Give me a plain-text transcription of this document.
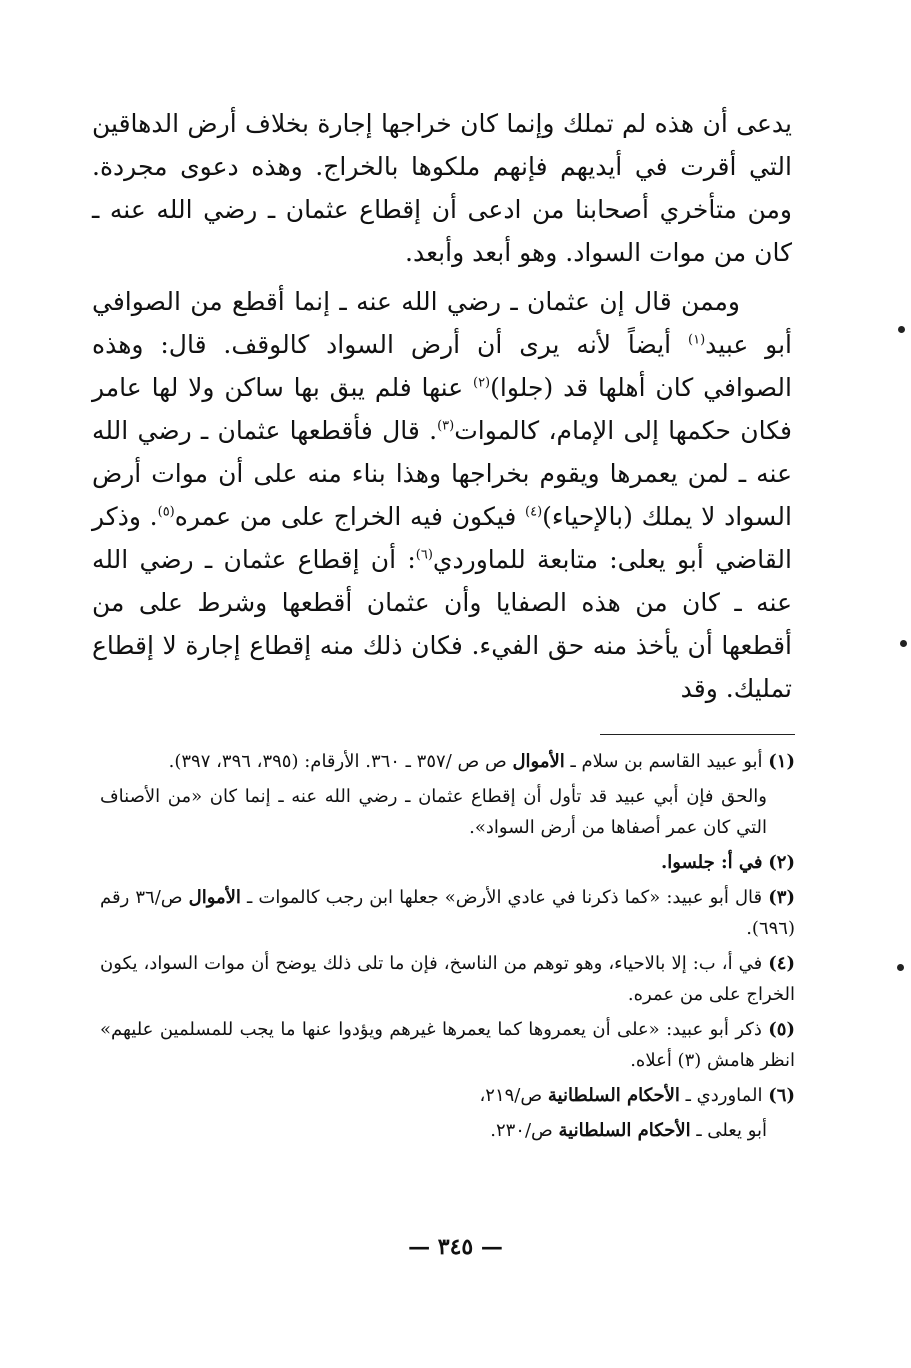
يدعى أن هذه لم تملك وإنما كان خراجها إجارة بخلاف أرض الدهاقين التي أقرت في أيديهم فإنهم ملكوها بالخراج. وهذه دعوى مجردة. ومن متأخري أصحابنا من ادعى أن إقطاع عثمان ـ رضي الله عنه ـ كان من موات السواد. وهو أبعد وأبعد.

وممن قال إن عثمان ـ رضي الله عنه ـ إنما أقطع من الصوافي أبو عبيد$^{(١)}$ أيضاً لأنه يرى أن أرض السواد كالوقف. قال: وهذه الصوافي كان أهلها قد (جلوا)$^{(٢)}$ عنها فلم يبق بها ساكن ولا لها عامر فكان حكمها إلى الإمام، كالموات$^{(٣)}$. قال فأقطعها عثمان ـ رضي الله عنه ـ لمن يعمرها ويقوم بخراجها وهذا بناء منه على أن موات أرض السواد لا يملك (بالإحياء)$^{(٤)}$ فيكون فيه الخراج على من عمره$^{(٥)}$. وذكر القاضي أبو يعلى: متابعة للماوردي$^{(٦)}$: أن إقطاع عثمان ـ رضي الله عنه ـ كان من هذه الصفايا وأن عثمان أقطعها وشرط على من أقطعها أن يأخذ منه حق الفيء. فكان ذلك منه إقطاع إجارة لا إقطاع تمليك. وقد

(١) أبو عبيد القاسم بن سلام ـ الأموال ص ص /٣٥٧ ـ ٣٦٠. الأرقام: (٣٩٥، ٣٩٦، ٣٩٧).

والحق فإن أبي عبيد قد تأول أن إقطاع عثمان ـ رضي الله عنه ـ إنما كان «من الأصناف التي كان عمر أصفاها من أرض السواد».

(٢) في أ: جلسوا.

(٣) قال أبو عبيد: «كما ذكرنا في عادي الأرض» جعلها ابن رجب كالموات ـ الأموال ص/٣٦ رقم (٦٩٦).

(٤) في أ، ب: إلا بالاحياء، وهو توهم من الناسخ، فإن ما تلى ذلك يوضح أن موات السواد، يكون الخراج على من عمره.

(٥) ذكر أبو عبيد: «على أن يعمروها كما يعمرها غيرهم ويؤدوا عنها ما يجب للمسلمين عليهم» انظر هامش (٣) أعلاه.

(٦) الماوردي ـ الأحكام السلطانية ص/٢١٩،

أبو يعلى ـ الأحكام السلطانية ص/٢٣٠.

— ٣٤٥ —
